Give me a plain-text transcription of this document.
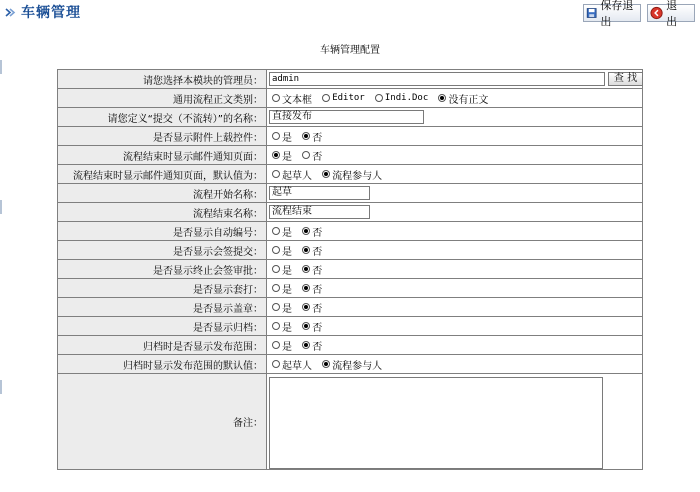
车辆管理	保存退出
退 出
车辆管理配置
请您选择本模块的管理员：	admin 查 找
通用流程正文类别：	文本框 Editor Indi.Doc 没有正文
请您定义“提交（不流转）”的名称：	直接发布
是否显示附件上载控件：	是 否
流程结束时显示邮件通知页面：	是 否
流程结束时显示邮件通知页面，默认值为：	起草人 流程参与人
流程开始名称：	起草
流程结束名称：	流程结束
是否显示自动编号：	是 否
是否显示会签提交：	是 否
是否显示终止会签审批：	是 否
是否显示套打：	是 否
是否显示盖章：	是 否
是否显示归档：	是 否
归档时是否显示发布范围：	是 否
归档时显示发布范围的默认值：	起草人 流程参与人
备注：	
